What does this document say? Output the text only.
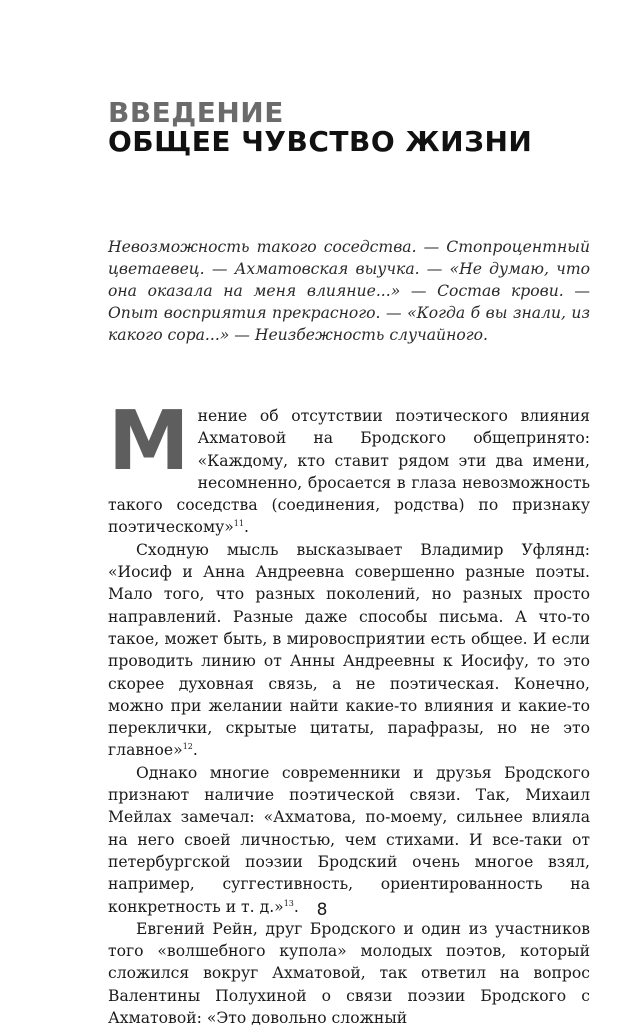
ВВЕДЕНИЕ
ОБЩЕЕ ЧУВСТВО ЖИЗНИ
Невозможность такого соседства. — Стопроцентный цветаевец. — Ахматовская выучка. — «Не думаю, что она оказала на меня влияние...» — Состав крови. — Опыт восприятия прекрасного. — «Когда б вы знали, из какого сора...» — Неизбежность случайного.

Мнение об отсутствии поэтического влияния Ахматовой на Бродского общепринято: «Каждому, кто ставит рядом эти два имени, несомненно, бросается в глаза невозможность такого соседства (соединения, родства) по признаку поэтическому»$^{11}$.

Сходную мысль высказывает Владимир Уфлянд: «Иосиф и Анна Андреевна совершенно разные поэты. Мало того, что разных поколений, но разных просто направлений. Разные даже способы письма. А что-то такое, может быть, в мировосприятии есть общее. И если проводить линию от Анны Андреевны к Иосифу, то это скорее духовная связь, а не поэтическая. Конечно, можно при желании найти какие-то влияния и какие-то переклички, скрытые цитаты, парафразы, но не это главное»$^{12}$.

Однако многие современники и друзья Бродского признают наличие поэтической связи. Так, Михаил Мейлах замечал: «Ахматова, по-моему, сильнее влияла на него своей личностью, чем стихами. И все-таки от петербургской поэзии Бродский очень многое взял, например, суггестивность, ориентированность на конкретность и т. д.»$^{13}$.

Евгений Рейн, друг Бродского и один из участников того «волшебного купола» молодых поэтов, который сложился вокруг Ахматовой, так ответил на вопрос Валентины Полухиной о связи поэзии Бродского с Ахматовой: «Это довольно сложный

8
